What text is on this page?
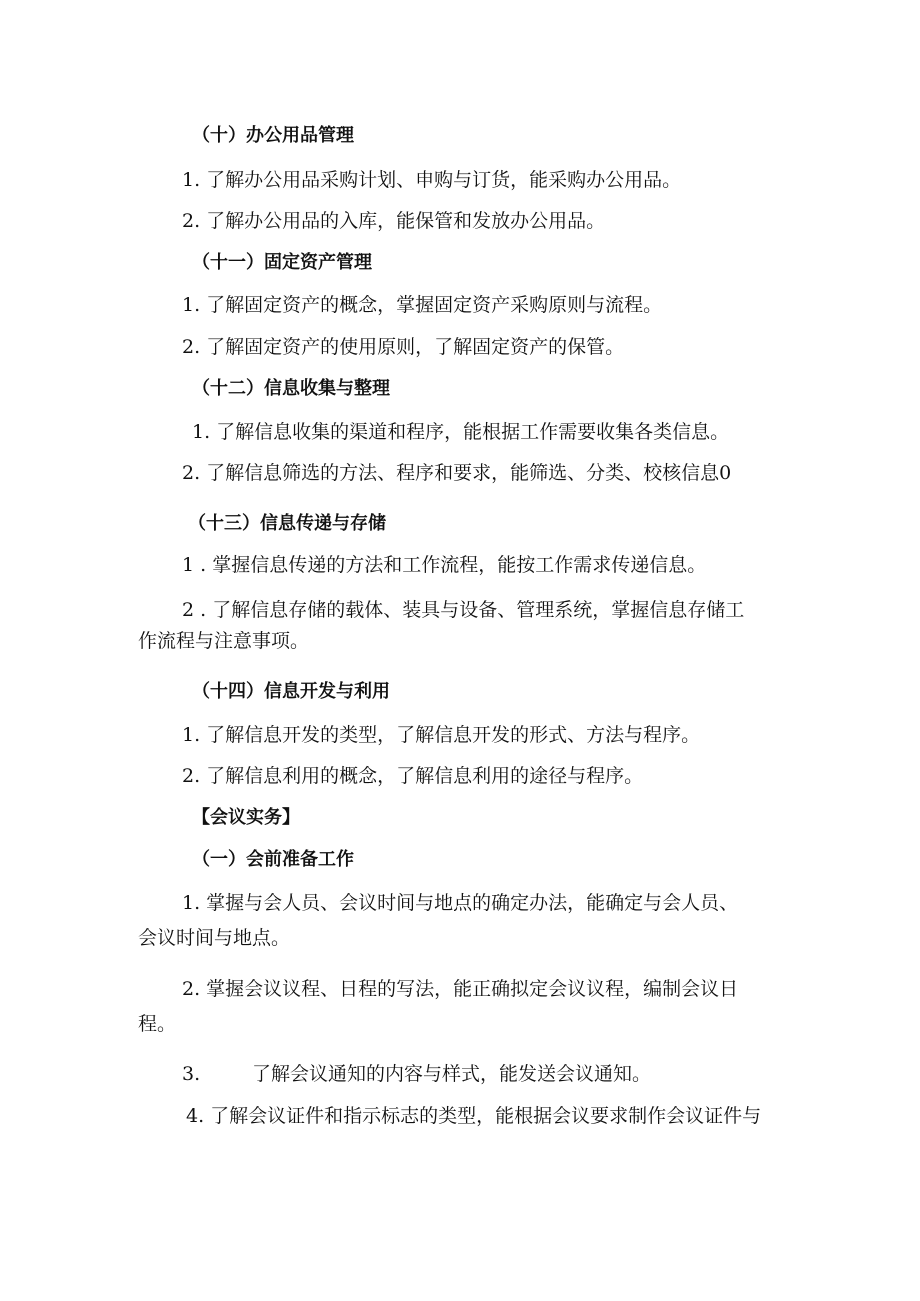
（十）办公用品管理
1. 了解办公用品采购计划、申购与订货，能采购办公用品。
2. 了解办公用品的入库，能保管和发放办公用品。
（十一）固定资产管理
1. 了解固定资产的概念，掌握固定资产采购原则与流程。
2. 了解固定资产的使用原则，了解固定资产的保管。
（十二）信息收集与整理
1. 了解信息收集的渠道和程序，能根据工作需要收集各类信息。
2. 了解信息筛选的方法、程序和要求，能筛选、分类、校核信息0
（十三）信息传递与存储
1 . 掌握信息传递的方法和工作流程，能按工作需求传递信息。
2 . 了解信息存储的载体、装具与设备、管理系统，掌握信息存储工
作流程与注意事项。
（十四）信息开发与利用
1. 了解信息开发的类型，了解信息开发的形式、方法与程序。
2. 了解信息利用的概念，了解信息利用的途径与程序。
【会议实务】
（一）会前准备工作
1. 掌握与会人员、会议时间与地点的确定办法，能确定与会人员、
会议时间与地点。
2. 掌握会议议程、日程的写法，能正确拟定会议议程，编制会议日
程。
3.	了解会议通知的内容与样式，能发送会议通知。
4. 了解会议证件和指示标志的类型，能根据会议要求制作会议证件与
